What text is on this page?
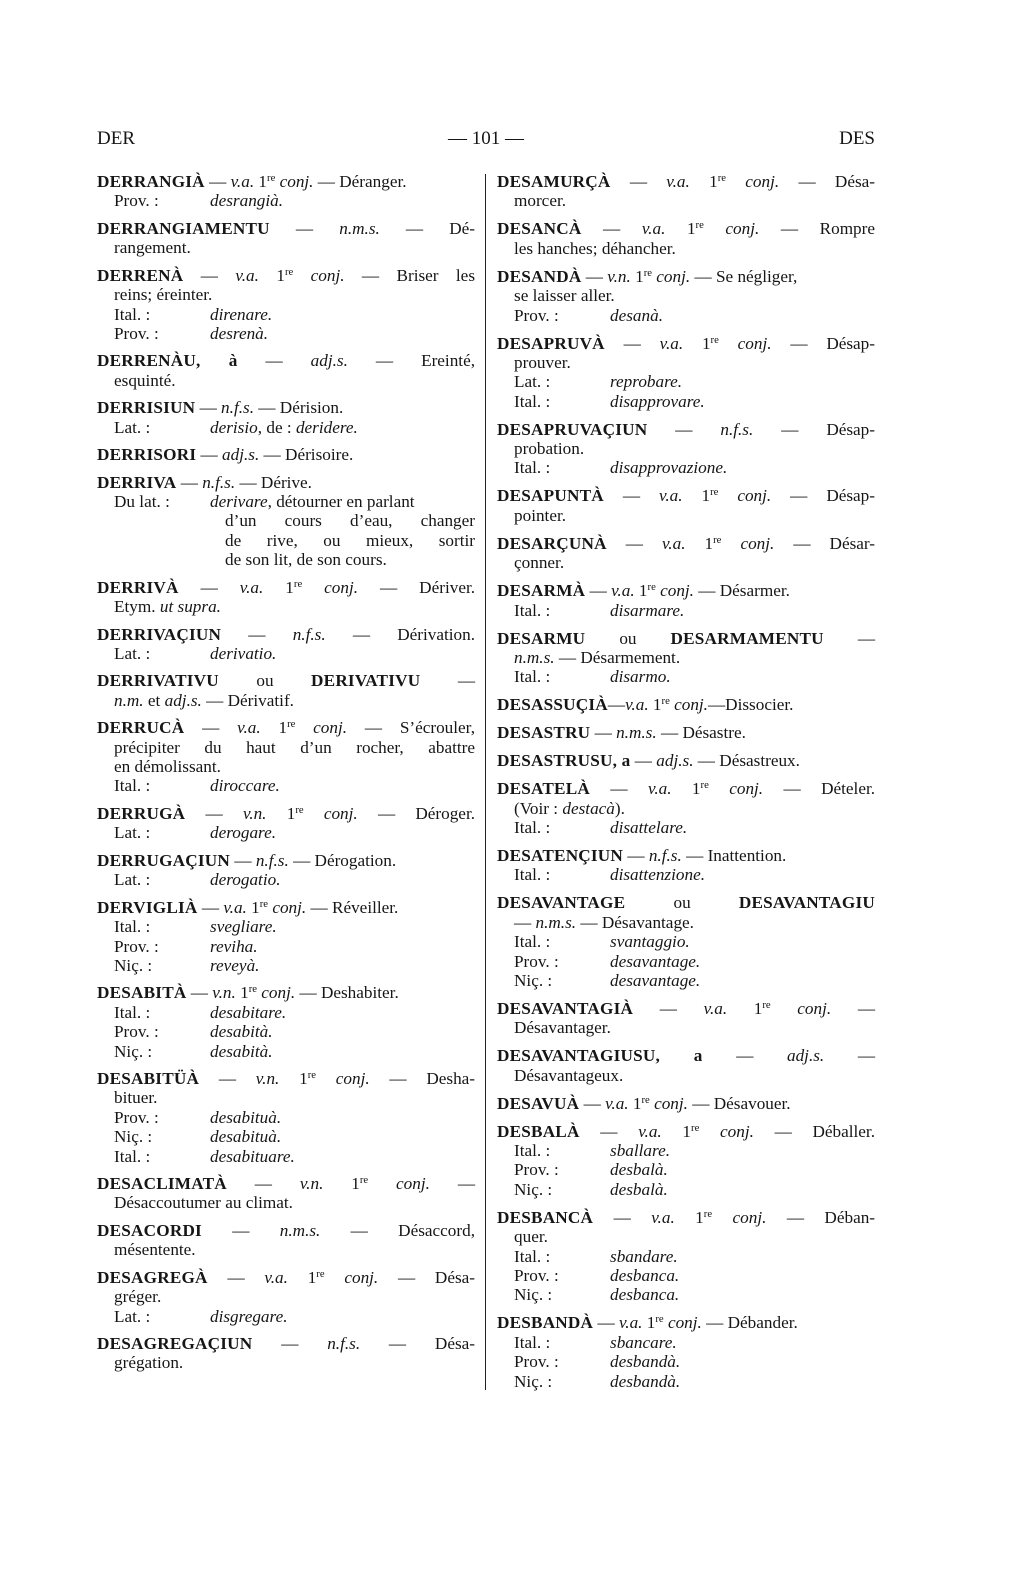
DER	— 101 —	DES
DERRANGIÀ — v.a. 1re conj. — Déranger.
Prov. :	desrangià.
DERRANGIAMENTU — n.m.s. — Dé-
rangement.
DERRENÀ — v.a. 1re conj. — Briser les
reins; éreinter.
Ital. :	direnare.
Prov. :	desrenà.
DERRENÀU, à — adj.s. — Ereinté,
esquinté.
DERRISIUN — n.f.s. — Dérision.
Lat. :	derisio, de : deridere.
DERRISORI — adj.s. — Dérisoire.
DERRIVA — n.f.s. — Dérive.
Du lat. : derivare, détourner en parlant
d’un cours d’eau, changer
de rive, ou mieux, sortir
de son lit, de son cours.
DERRIVÀ — v.a. 1re conj. — Dériver.
Etym. ut supra.
DERRIVAÇIUN — n.f.s. — Dérivation.
Lat. :	derivatio.
DERRIVATIVU ou DERIVATIVU —
n.m. et adj.s. — Dérivatif.
DERRUCÀ — v.a. 1re conj. — S’écrouler,
précipiter du haut d’un rocher, abattre
en démolissant.
Ital. :	diroccare.
DERRUGÀ — v.n. 1re conj. — Déroger.
Lat. :	derogare.
DERRUGAÇIUN — n.f.s. — Dérogation.
Lat. :	derogatio.
DERVIGLIÀ — v.a. 1re conj. — Réveiller.
Ital. :	svegliare.
Prov. :	reviha.
Niç. :	reveyà.
DESABITÀ — v.n. 1re conj. — Deshabiter.
Ital. :	desabitare.
Prov. :	desabità.
Niç. :	desabità.
DESABITÜÀ — v.n. 1re conj. — Desha-
bituer.
Prov. :	desabituà.
Niç. :	desabituà.
Ital. :	desabituare.
DESACLIMATÀ — v.n. 1re conj. —
Désaccoutumer au climat.
DESACORDI — n.m.s. — Désaccord,
mésentente.
DESAGREGÀ — v.a. 1re conj. — Désa-
gréger.
Lat. :	disgregare.
DESAGREGAÇIUN — n.f.s. — Désa-
grégation.
DESAMURÇÀ — v.a. 1re conj. — Désa-
morcer.
DESANCÀ — v.a. 1re conj. — Rompre
les hanches; déhancher.
DESANDÀ — v.n. 1re conj. — Se négliger,
se laisser aller.
Prov. :	desanà.
DESAPRUVÀ — v.a. 1re conj. — Désap-
prouver.
Lat. :	reprobare.
Ital. :	disapprovare.
DESAPRUVAÇIUN — n.f.s. — Désap-
probation.
Ital. :	disapprovazione.
DESAPUNTÀ — v.a. 1re conj. — Désap-
pointer.
DESARÇUNÀ — v.a. 1re conj. — Désar-
çonner.
DESARMÀ — v.a. 1re conj. — Désarmer.
Ital. :	disarmare.
DESARMU ou DESARMAMENTU —
n.m.s. — Désarmement.
Ital. :	disarmo.
DESASSUÇIÀ—v.a. 1re conj.—Dissocier.
DESASTRU — n.m.s. — Désastre.
DESASTRUSU, a — adj.s. — Désastreux.
DESATELÀ — v.a. 1re conj. — Dételer.
(Voir : destacà).
Ital. :	disattelare.
DESATENÇIUN — n.f.s. — Inattention.
Ital. :	disattenzione.
DESAVANTAGE ou DESAVANTAGIU
— n.m.s. — Désavantage.
Ital. :	svantaggio.
Prov. :	desavantage.
Niç. :	desavantage.
DESAVANTAGIÀ — v.a. 1re conj. —
Désavantager.
DESAVANTAGIUSU, a — adj.s. —
Désavantageux.
DESAVUÀ — v.a. 1re conj. — Désavouer.
DESBALÀ — v.a. 1re conj. — Déballer.
Ital. :	sballare.
Prov. :	desbalà.
Niç. :	desbalà.
DESBANCÀ — v.a. 1re conj. — Déban-
quer.
Ital. :	sbandare.
Prov. :	desbanca.
Niç. :	desbanca.
DESBANDÀ — v.a. 1re conj. — Débander.
Ital. :	sbancare.
Prov. :	desbandà.
Niç. :	desbandà.
